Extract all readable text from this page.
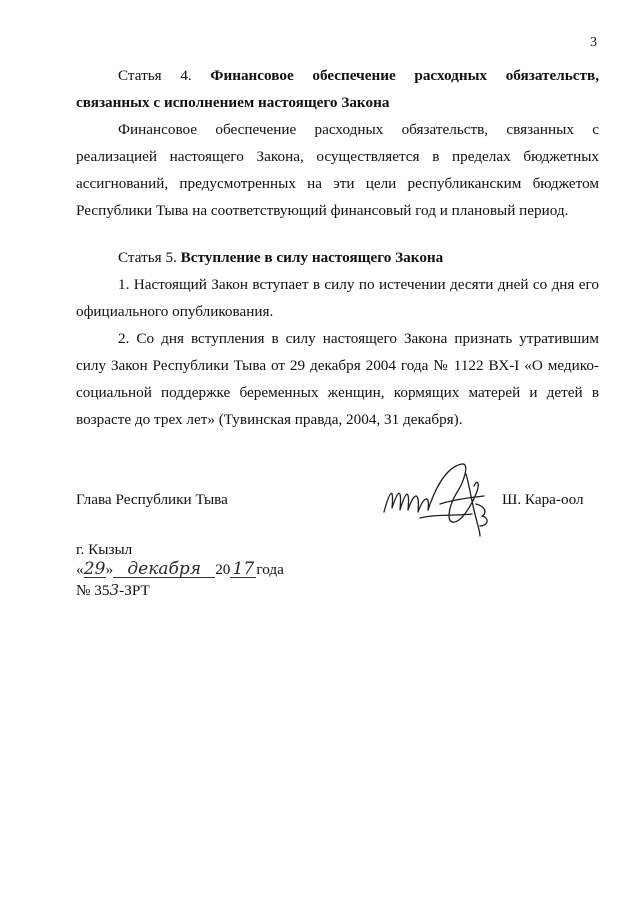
3
Статья 4. Финансовое обеспечение расходных обязательств,
связанных с исполнением настоящего Закона
Финансовое обеспечение расходных обязательств, связанных с реализацией настоящего Закона, осуществляется в пределах бюджетных ассигнований, предусмотренных на эти цели республиканским бюджетом Республики Тыва на соответствующий финансовый год и плановый период.
Статья 5. Вступление в силу настоящего Закона
1. Настоящий Закон вступает в силу по истечении десяти дней со дня его официального опубликования.
2. Со дня вступления в силу настоящего Закона признать утратившим силу Закон Республики Тыва от 29 декабря 2004 года № 1122 ВХ-I «О медико-социальной поддержке беременных женщин, кормящих матерей и детей в возрасте до трех лет» (Тувинская правда, 2004, 31 декабря).
Глава Республики Тыва	Ш. Кара-оол
г. Кызыл
«29» декабря 20 17 года
№ 353-ЗРТ
